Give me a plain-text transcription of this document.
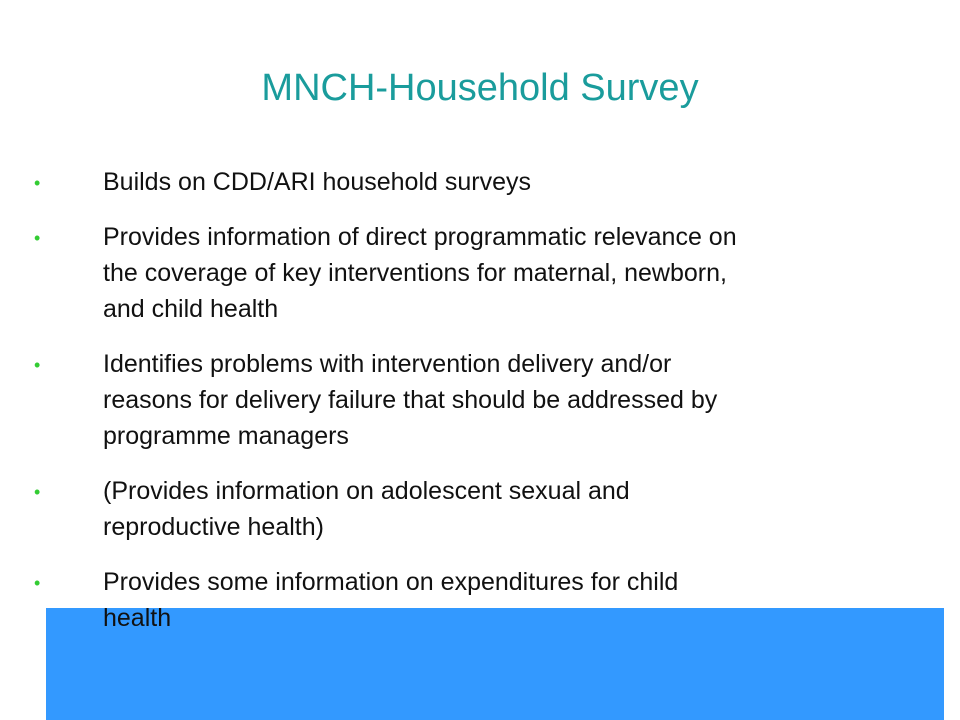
MNCH-Household Survey
•	Builds on CDD/ARI household surveys
•	Provides information of direct programmatic relevance on
the coverage of key interventions for maternal, newborn,
and child health
•	Identifies problems with intervention delivery and/or
reasons for delivery failure that should be addressed by
programme managers
•	(Provides information on adolescent sexual and
reproductive health)
•	Provides some information on expenditures for child
health
